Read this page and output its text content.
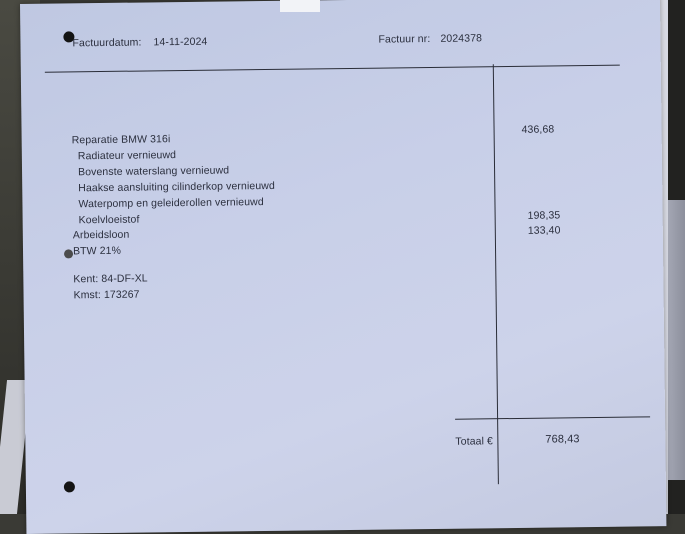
Factuurdatum: 14-11-2024	Factuur nr: 2024378
Reparatie BMW 316i
Radiateur vernieuwd
Bovenste waterslang vernieuwd
Haakse aansluiting cilinderkop vernieuwd
Waterpomp en geleiderollen vernieuwd
Koelvloeistof
Arbeidsloon
BTW 21%
436,68
198,35
133,40
Kent: 84-DF-XL
Kmst: 173267
Totaal €	768,43
